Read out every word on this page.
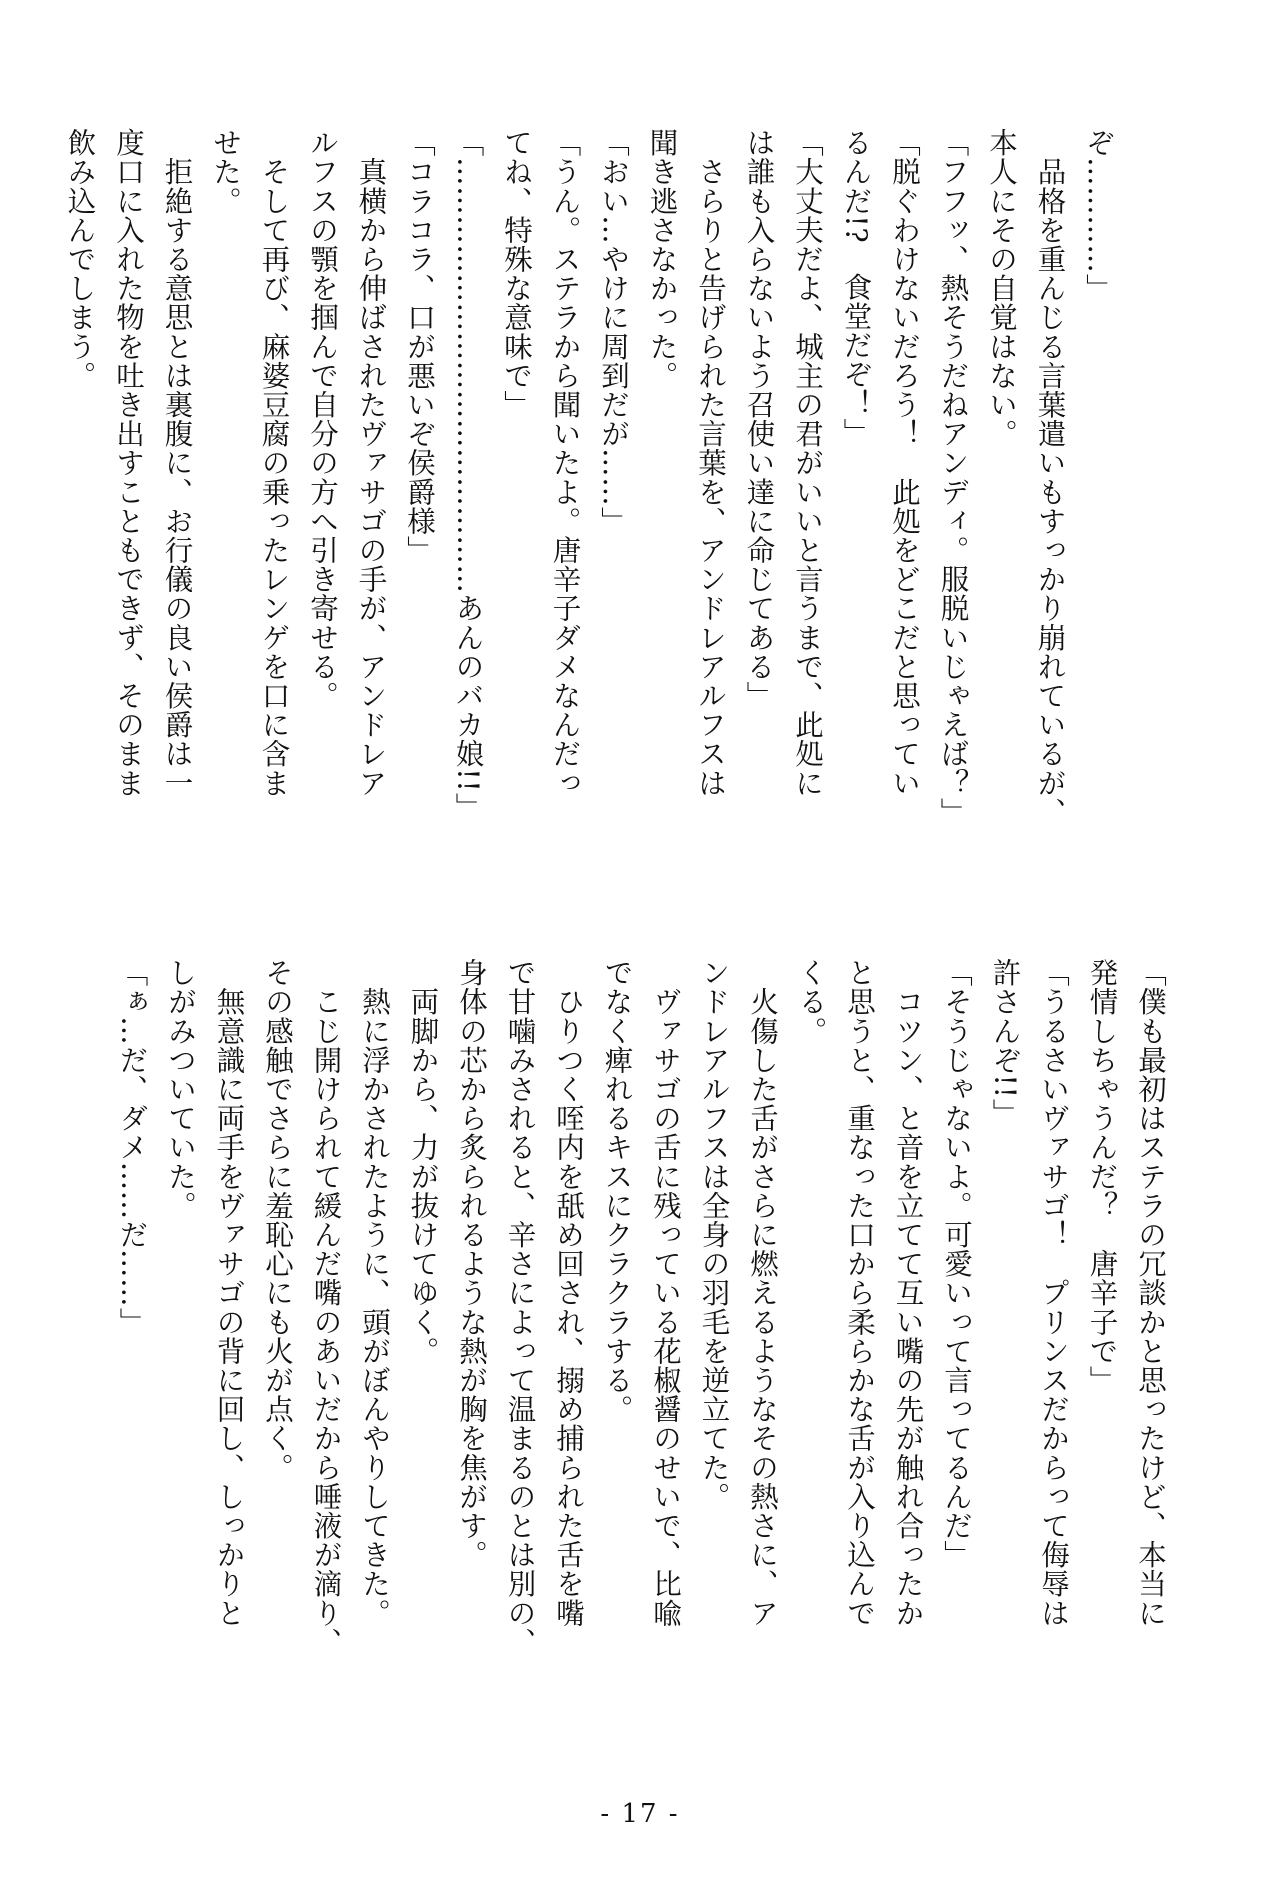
ぞ…………」
　品格を重んじる言葉遣いもすっかり崩れているが、
本人にその自覚はない。
「フフッ、熱そうだねアンディ。服脱いじゃえば？」
「脱ぐわけないだろう！　此処をどこだと思ってい
るんだ!?　食堂だぞ！」
「大丈夫だよ、城主の君がいいと言うまで、此処に
は誰も入らないよう召使い達に命じてある」
　さらりと告げられた言葉を、アンドレアルフスは
聞き逃さなかった。
「おい…やけに周到だが……」
「うん。ステラから聞いたよ。唐辛子ダメなんだっ
てね、特殊な意味で」
「………………………………………あんのバカ娘!!」
「コラコラ、口が悪いぞ侯爵様」
　真横から伸ばされたヴァサゴの手が、アンドレア
ルフスの顎を掴んで自分の方へ引き寄せる。
　そして再び、麻婆豆腐の乗ったレンゲを口に含ま
せた。
　拒絶する意思とは裏腹に、お行儀の良い侯爵は一
度口に入れた物を吐き出すこともできず、そのまま
飲み込んでしまう。
「僕も最初はステラの冗談かと思ったけど、本当に
発情しちゃうんだ？　唐辛子で」
「うるさいヴァサゴ！　プリンスだからって侮辱は
許さんぞ!!」
「そうじゃないよ。可愛いって言ってるんだ」
　コツン、と音を立てて互い嘴の先が触れ合ったか
と思うと、重なった口から柔らかな舌が入り込んで
くる。
　火傷した舌がさらに燃えるようなその熱さに、ア
ンドレアルフスは全身の羽毛を逆立てた。
　ヴァサゴの舌に残っている花椒醤のせいで、比喩
でなく痺れるキスにクラクラする。
　ひりつく咥内を舐め回され、搦め捕られた舌を嘴
で甘噛みされると、辛さによって温まるのとは別の、
身体の芯から炙られるような熱が胸を焦がす。
　両脚から、力が抜けてゆく。
　熱に浮かされたように、頭がぼんやりしてきた。
　こじ開けられて緩んだ嘴のあいだから唾液が滴り、
その感触でさらに羞恥心にも火が点く。
　無意識に両手をヴァサゴの背に回し、しっかりと
しがみついていた。
「ぁ…だ、ダメ……だ……」
- 17 -
